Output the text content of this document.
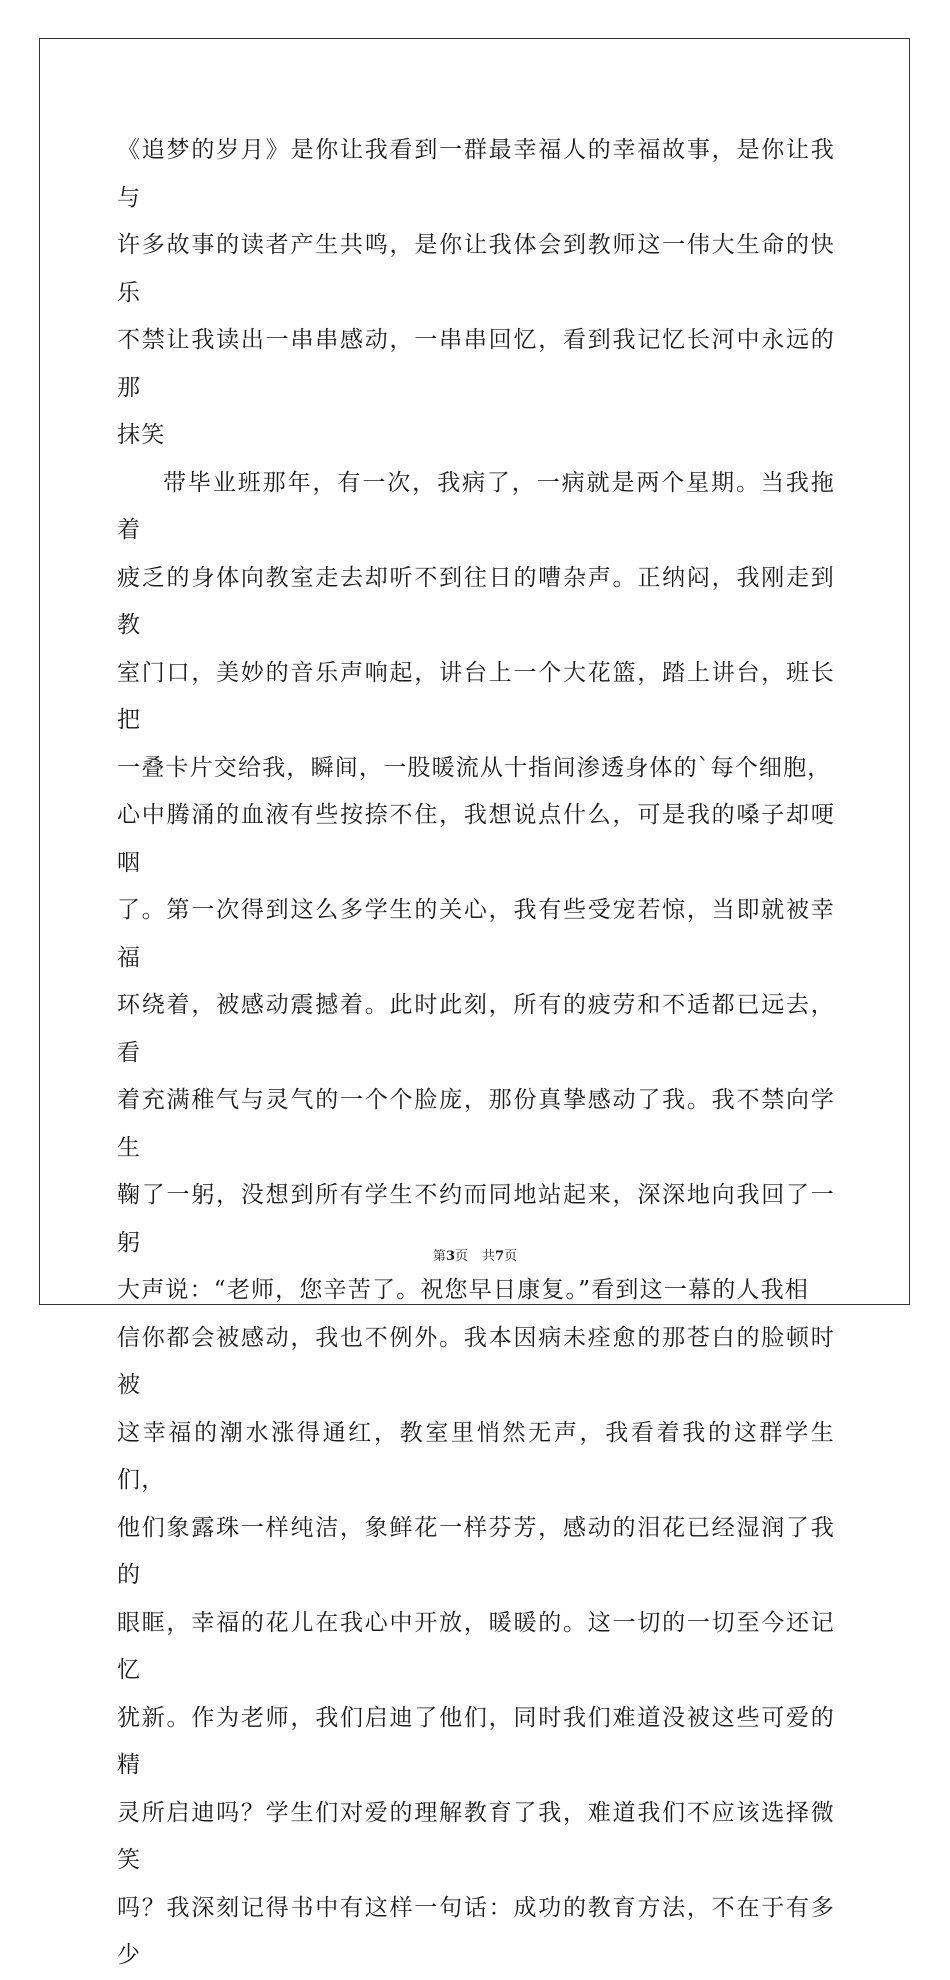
《追梦的岁月》是你让我看到一群最幸福人的幸福故事，是你让我与
许多故事的读者产生共鸣，是你让我体会到教师这一伟大生命的快乐
不禁让我读出一串串感动，一串串回忆，看到我记忆长河中永远的那
抹笑

带毕业班那年，有一次，我病了，一病就是两个星期。当我拖着
疲乏的身体向教室走去却听不到往日的嘈杂声。正纳闷，我刚走到教
室门口，美妙的音乐声响起，讲台上一个大花篮，踏上讲台，班长把
一叠卡片交给我，瞬间，一股暖流从十指间渗透身体的`每个细胞，
心中腾涌的血液有些按捺不住，我想说点什么，可是我的嗓子却哽咽
了。第一次得到这么多学生的关心，我有些受宠若惊，当即就被幸福
环绕着，被感动震撼着。此时此刻，所有的疲劳和不适都已远去，看
着充满稚气与灵气的一个个脸庞，那份真挚感动了我。我不禁向学生
鞠了一躬，没想到所有学生不约而同地站起来，深深地向我回了一躬
大声说：“老师，您辛苦了。祝您早日康复。”看到这一幕的人我相
信你都会被感动，我也不例外。我本因病未痊愈的那苍白的脸顿时被
这幸福的潮水涨得通红，教室里悄然无声，我看着我的这群学生们，
他们象露珠一样纯洁，象鲜花一样芬芳，感动的泪花已经湿润了我的
眼眶，幸福的花儿在我心中开放，暖暖的。这一切的一切至今还记忆
犹新。作为老师，我们启迪了他们，同时我们难道没被这些可爱的精
灵所启迪吗？学生们对爱的理解教育了我，难道我们不应该选择微笑
吗？我深刻记得书中有这样一句话：成功的教育方法，不在于有多少

第3页 共7页
